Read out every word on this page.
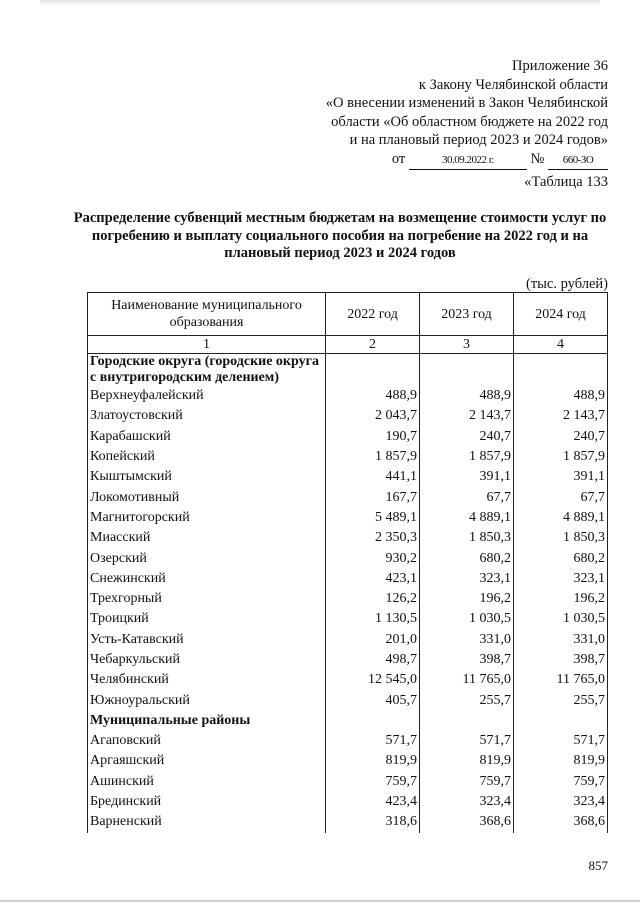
Приложение 36
к Закону Челябинской области
«О внесении изменений в Закон Челябинской
области «Об областном бюджете на 2022 год
и на плановый период 2023 и 2024 годов»
от	30.09.2022 г.	№ 660-ЗО
«Таблица 133
Распределение субвенций местным бюджетам на возмещение стоимости услуг по погребению и выплату социального пособия на погребение на 2022 год и на плановый период 2023 и 2024 годов
(тыс. рублей)
Наименование муниципального образования	2022 год	2023 год	2024 год
1	2	3	4
Городские округа (городские округа с внутригородским делением)			
Верхнеуфалейский	488,9	488,9	488,9
Златоустовский	2 043,7	2 143,7	2 143,7
Карабашский	190,7	240,7	240,7
Копейский	1 857,9	1 857,9	1 857,9
Кыштымский	441,1	391,1	391,1
Локомотивный	167,7	67,7	67,7
Магнитогорский	5 489,1	4 889,1	4 889,1
Миасский	2 350,3	1 850,3	1 850,3
Озерский	930,2	680,2	680,2
Снежинский	423,1	323,1	323,1
Трехгорный	126,2	196,2	196,2
Троицкий	1 130,5	1 030,5	1 030,5
Усть-Катавский	201,0	331,0	331,0
Чебаркульский	498,7	398,7	398,7
Челябинский	12 545,0	11 765,0	11 765,0
Южноуральский	405,7	255,7	255,7
Муниципальные районы			
Агаповский	571,7	571,7	571,7
Аргаяшский	819,9	819,9	819,9
Ашинский	759,7	759,7	759,7
Брединский	423,4	323,4	323,4
Варненский	318,6	368,6	368,6
857
